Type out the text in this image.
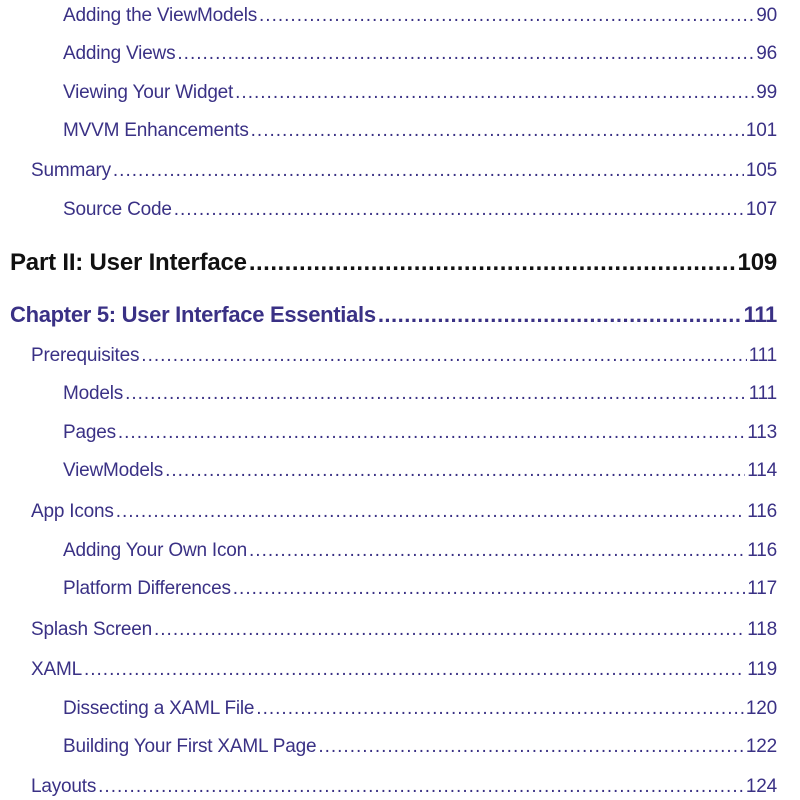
Adding the ViewModels .....	90
Adding Views .....	96
Viewing Your Widget .....	99
MVVM Enhancements .....	101
Summary .....	105
Source Code .....	107
Part II: User Interface .....	109
Chapter 5: User Interface Essentials .....	111
Prerequisites .....	111
Models .....	111
Pages .....	113
ViewModels .....	114
App Icons .....	116
Adding Your Own Icon .....	116
Platform Differences .....	117
Splash Screen .....	118
XAML .....	119
Dissecting a XAML File .....	120
Building Your First XAML Page .....	122
Layouts .....	124
